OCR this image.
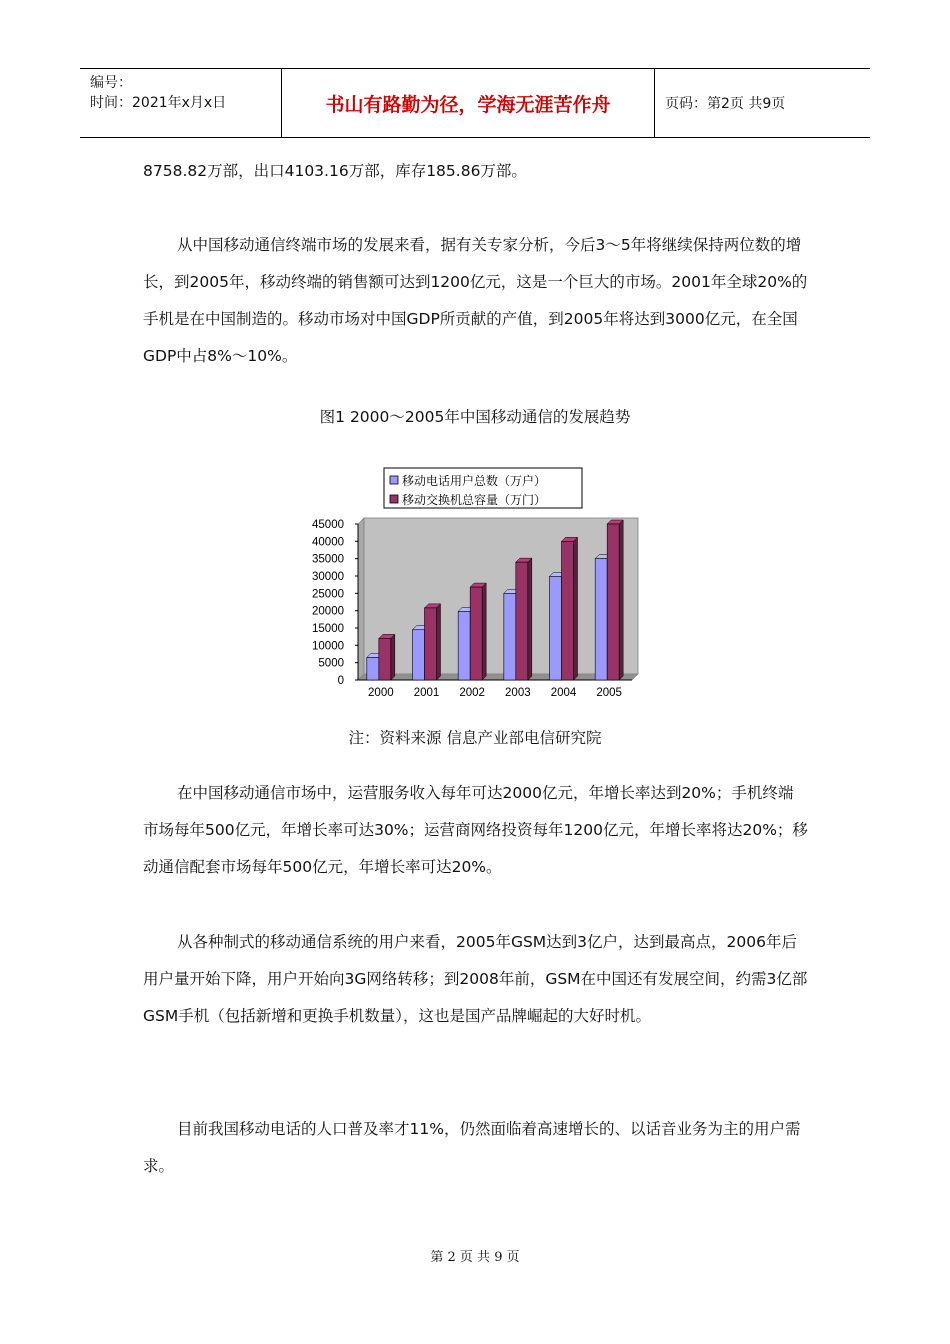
编号：
时间：2021年x月x日	书山有路勤为径，学海无涯苦作舟	页码：第2页 共9页

8758.82万部，出口4103.16万部，库存185.86万部。

从中国移动通信终端市场的发展来看，据有关专家分析，今后3～5年将继续保持两位数的增长，到2005年，移动终端的销售额可达到1200亿元，这是一个巨大的市场。2001年全球20%的手机是在中国制造的。移动市场对中国GDP所贡献的产值，到2005年将达到3000亿元，在全国GDP中占8%～10%。

图1 2000～2005年中国移动通信的发展趋势
移动电话用户总数（万户）
移动交换机总容量（万门）
0
5000
10000
15000
20000
25000
30000
35000
40000
45000
2000 2001 2002 2003 2004 2005
注：资料来源 信息产业部电信研究院

在中国移动通信市场中，运营服务收入每年可达2000亿元，年增长率达到20%；手机终端市场每年500亿元，年增长率可达30%；运营商网络投资每年1200亿元，年增长率将达20%；移动通信配套市场每年500亿元，年增长率可达20%。

从各种制式的移动通信系统的用户来看，2005年GSM达到3亿户，达到最高点，2006年后用户量开始下降，用户开始向3G网络转移；到2008年前，GSM在中国还有发展空间，约需3亿部GSM手机（包括新增和更换手机数量），这也是国产品牌崛起的大好时机。

目前我国移动电话的人口普及率才11%，仍然面临着高速增长的、以话音业务为主的用户需求。

第 2 页 共 9 页
